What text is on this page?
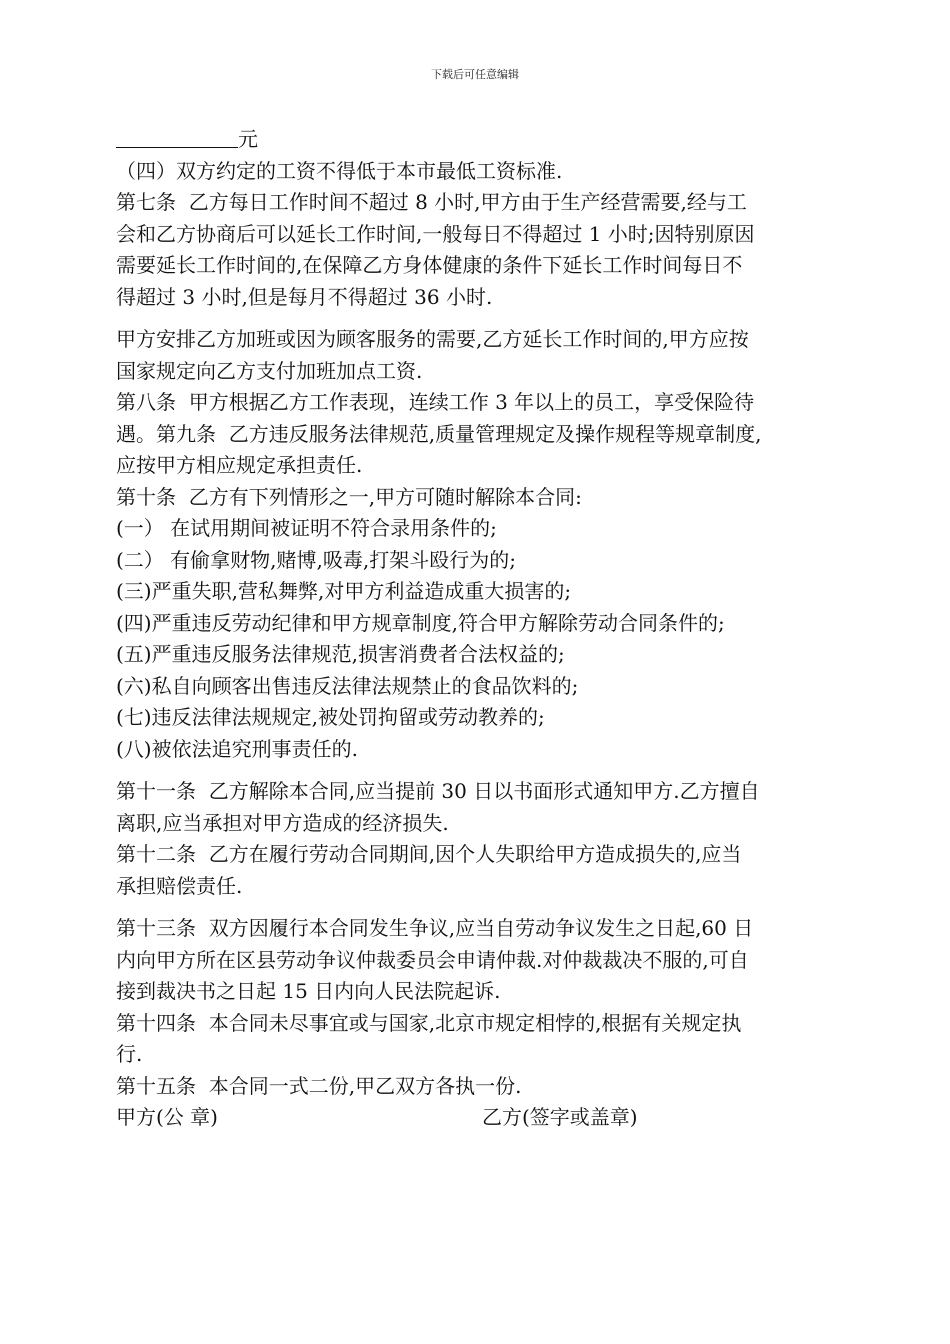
下载后可任意编辑
元
（四）双方约定的工资不得低于本市最低工资标准.
第七条  乙方每日工作时间不超过 8 小时,甲方由于生产经营需要,经与工
会和乙方协商后可以延长工作时间,一般每日不得超过 1 小时;因特别原因
需要延长工作时间的,在保障乙方身体健康的条件下延长工作时间每日不
得超过 3 小时,但是每月不得超过 36 小时.
甲方安排乙方加班或因为顾客服务的需要,乙方延长工作时间的,甲方应按
国家规定向乙方支付加班加点工资.
第八条  甲方根据乙方工作表现，连续工作 3 年以上的员工，享受保险待
遇。第九条  乙方违反服务法律规范,质量管理规定及操作规程等规章制度,
应按甲方相应规定承担责任.
第十条  乙方有下列情形之一,甲方可随时解除本合同:
(一） 在试用期间被证明不符合录用条件的;
(二） 有偷拿财物,赌博,吸毒,打架斗殴行为的;
(三)严重失职,营私舞弊,对甲方利益造成重大损害的;
(四)严重违反劳动纪律和甲方规章制度,符合甲方解除劳动合同条件的;
(五)严重违反服务法律规范,损害消费者合法权益的;
(六)私自向顾客出售违反法律法规禁止的食品饮料的;
(七)违反法律法规规定,被处罚拘留或劳动教养的;
(八)被依法追究刑事责任的.
第十一条  乙方解除本合同,应当提前 30 日以书面形式通知甲方.乙方擅自
离职,应当承担对甲方造成的经济损失.
第十二条  乙方在履行劳动合同期间,因个人失职给甲方造成损失的,应当
承担赔偿责任.
第十三条  双方因履行本合同发生争议,应当自劳动争议发生之日起,60 日
内向甲方所在区县劳动争议仲裁委员会申请仲裁.对仲裁裁决不服的,可自
接到裁决书之日起 15 日内向人民法院起诉.
第十四条  本合同未尽事宜或与国家,北京市规定相悖的,根据有关规定执
行.
第十五条  本合同一式二份,甲乙双方各执一份.
甲方(公 章)	乙方(签字或盖章)
